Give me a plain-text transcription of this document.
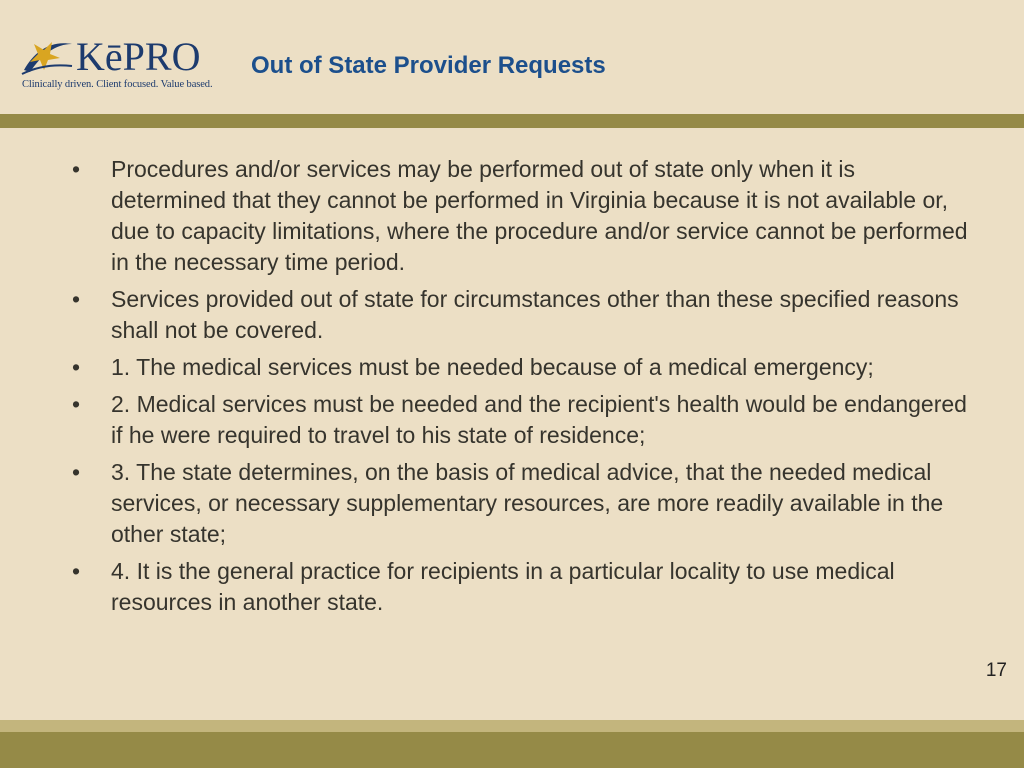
KēPRO
Clinically driven. Client focused. Value based.
Out of State Provider Requests
•	Procedures and/or services may be performed out of state only when it is determined that they cannot be performed in Virginia because it is not available or, due to capacity limitations, where the procedure and/or service cannot be performed in the necessary time period.
•	Services provided out of state for circumstances other than these specified reasons shall not be covered.
•	1. The medical services must be needed because of a medical emergency;
•	2. Medical services must be needed and the recipient's health would be endangered if he were required to travel to his state of residence;
•	3. The state determines, on the basis of medical advice, that the needed medical services, or necessary supplementary resources, are more readily available in the other state;
•	4. It is the general practice for recipients in a particular locality to use medical resources in another state.
17
